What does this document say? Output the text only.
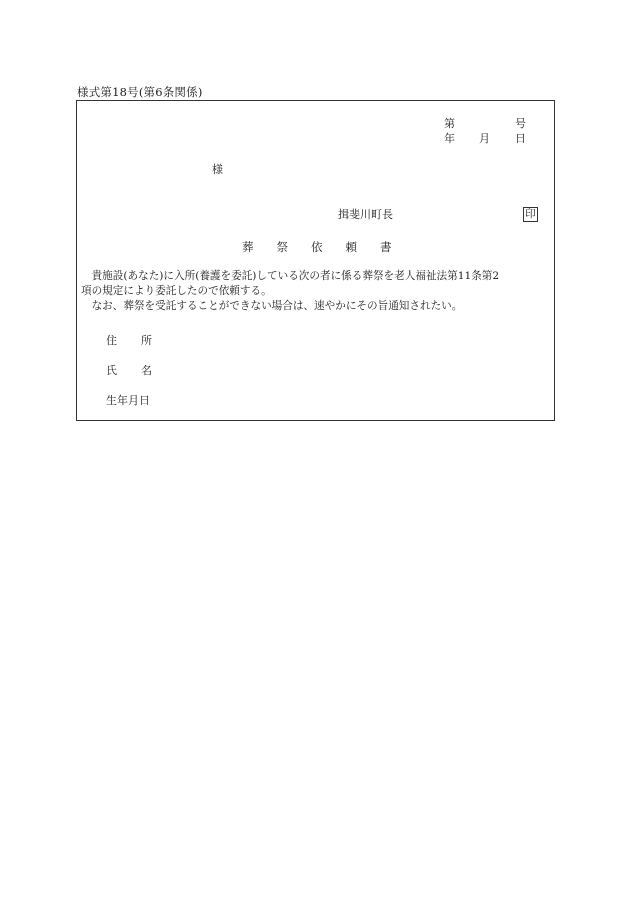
様式第18号(第6条関係)
第	号
年 月 日
様
揖斐川町長	印
葬 祭 依 頼 書

　貴施設(あなた)に入所(養護を委託)している次の者に係る葬祭を老人福祉法第11条第2

項の規定により委託したので依頼する。

　なお、葬祭を受託することができない場合は、速やかにその旨通知されたい。

住 所
氏 名
生年月日
